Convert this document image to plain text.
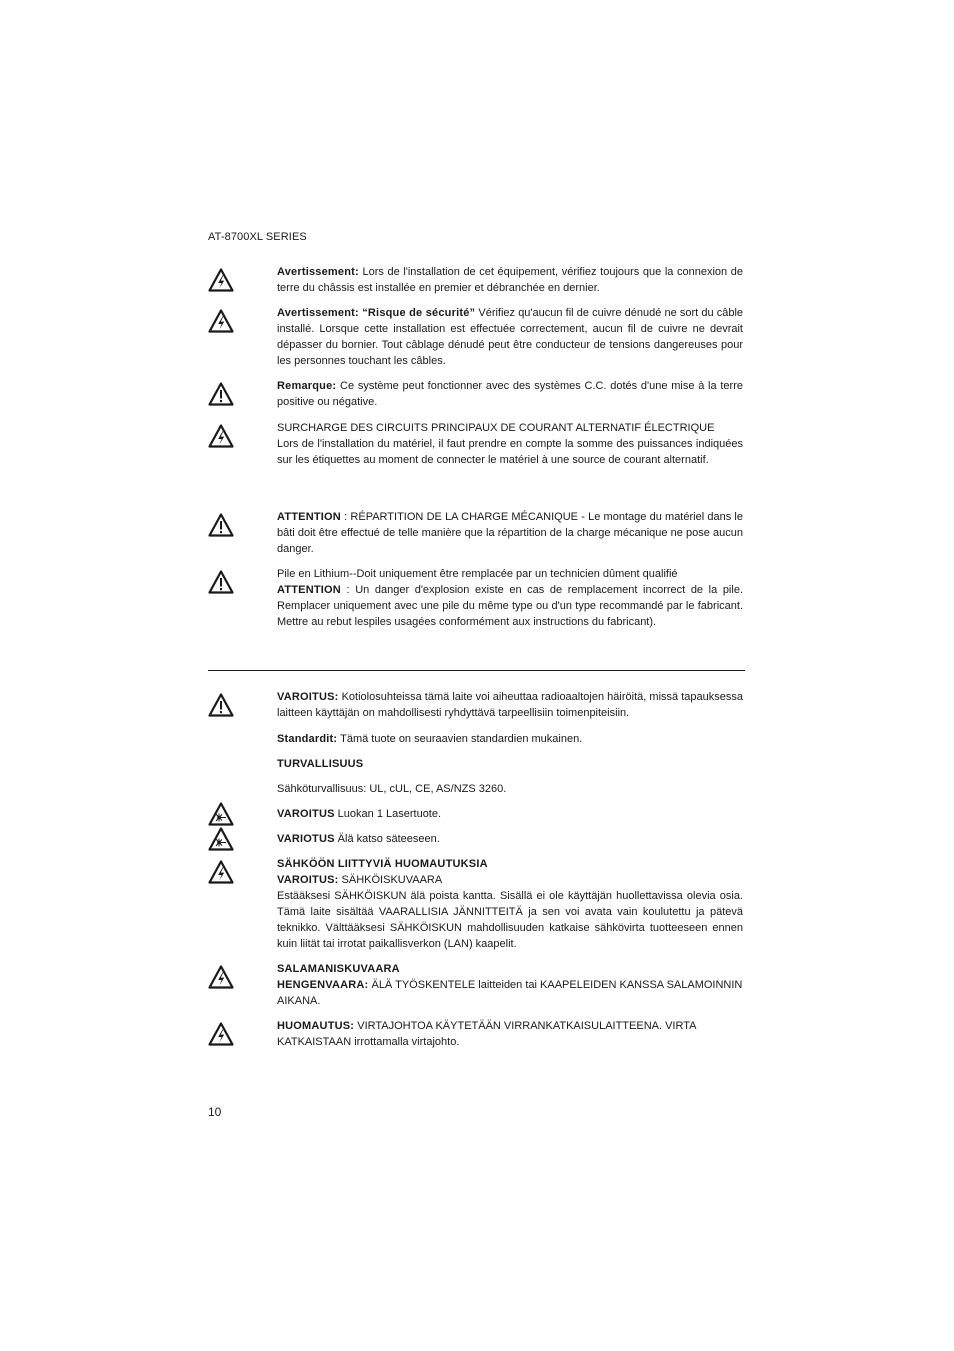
AT-8700XL SERIES
Avertissement: Lors de l'installation de cet équipement, vérifiez toujours que la connexion de terre du châssis est installée en premier et débranchée en dernier.
Avertissement: “Risque de sécurité” Vérifiez qu'aucun fil de cuivre dénudé ne sort du câble installé. Lorsque cette installation est effectuée correctement, aucun fil de cuivre ne devrait dépasser du bornier. Tout câblage dénudé peut être conducteur de tensions dangereuses pour les personnes touchant les câbles.
Remarque: Ce système peut fonctionner avec des systèmes C.C. dotés d'une mise à la terre positive ou négative.
SURCHARGE DES CIRCUITS PRINCIPAUX DE COURANT ALTERNATIF ÉLECTRIQUE
Lors de l'installation du matériel, il faut prendre en compte la somme des puissances indiquées sur les étiquettes au moment de connecter le matériel à une source de courant alternatif.
ATTENTION : RÉPARTITION DE LA CHARGE MÉCANIQUE - Le montage du matériel dans le bâti doit être effectué de telle manière que la répartition de la charge mécanique ne pose aucun danger.
Pile en Lithium--Doit uniquement être remplacée par un technicien dûment qualifié
ATTENTION : Un danger d'explosion existe en cas de remplacement incorrect de la pile. Remplacer uniquement avec une pile du même type ou d'un type recommandé par le fabricant. Mettre au rebut lespiles usagées conformément aux instructions du fabricant).
VAROITUS: Kotiolosuhteissa tämä laite voi aiheuttaa radioaaltojen häiröitä, missä tapauksessa laitteen käyttäjän on mahdollisesti ryhdyttävä tarpeellisiin toimenpiteisiin.
Standardit: Tämä tuote on seuraavien standardien mukainen.
TURVALLISUUS
Sähköturvallisuus: UL, cUL, CE, AS/NZS 3260.
VAROITUS Luokan 1 Lasertuote.
VARIOTUS Älä katso säteeseen.
SÄHKÖÖN LIITTYVIÄ HUOMAUTUKSIA
VAROITUS: SÄHKÖISKUVAARA
Estääksesi SÄHKÖISKUN älä poista kantta. Sisällä ei ole käyttäjän huollettavissa olevia osia. Tämä laite sisältää VAARALLISIA JÄNNITTEITÄ ja sen voi avata vain koulutettu ja pätevä teknikko. Välttääksesi SÄHKÖISKUN mahdollisuuden katkaise sähkövirta tuotteeseen ennen kuin liität tai irrotat paikallisverkon (LAN) kaapelit.
SALAMANISKUVAARA
HENGENVAARA: ÄLÄ TYÖSKENTELE laitteiden tai KAAPELEIDEN KANSSA SALAMOINNIN AIKANA.
HUOMAUTUS: VIRTAJOHTOA KÄYTETÄÄN VIRRANKATKAISULAITTEENA. VIRTA KATKAISTAAN irrottamalla virtajohto.
10
